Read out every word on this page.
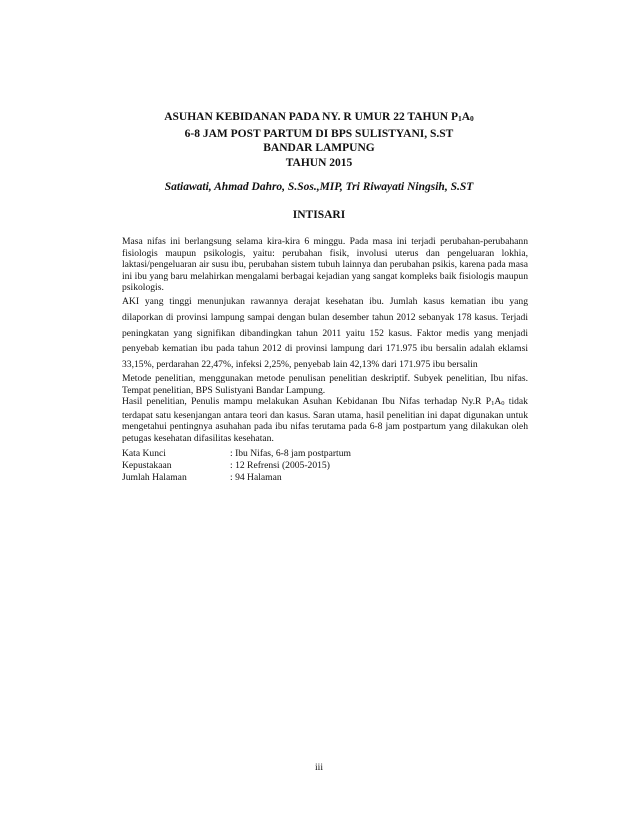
ASUHAN KEBIDANAN PADA NY. R UMUR 22 TAHUN $P_1A_0$
6-8 JAM POST PARTUM DI BPS SULISTYANI, S.ST
BANDAR LAMPUNG
TAHUN 2015
Satiawati, Ahmad Dahro, S.Sos.,MIP, Tri Riwayati Ningsih, S.ST
INTISARI

Masa nifas ini berlangsung selama kira-kira 6 minggu. Pada masa ini terjadi perubahan-perubahann fisiologis maupun psikologis, yaitu: perubahan fisik, involusi uterus dan pengeluaran lokhia, laktasi/pengeluaran air susu ibu, perubahan sistem tubuh lainnya dan perubahan psikis, karena pada masa ini ibu yang baru melahirkan mengalami berbagai kejadian yang sangat kompleks baik fisiologis maupun psikologis.

AKI yang tinggi menunjukan rawannya derajat kesehatan ibu. Jumlah kasus kematian ibu yang dilaporkan di provinsi lampung sampai dengan bulan desember tahun 2012 sebanyak 178 kasus. Terjadi peningkatan yang signifikan dibandingkan tahun 2011 yaitu 152 kasus. Faktor medis yang menjadi penyebab kematian ibu pada tahun 2012 di provinsi lampung dari 171.975 ibu bersalin adalah eklamsi 33,15%, perdarahan 22,47%, infeksi 2,25%, penyebab lain 42,13% dari 171.975 ibu bersalin

Metode penelitian, menggunakan metode penulisan penelitian deskriptif. Subyek penelitian, Ibu nifas. Tempat penelitian, BPS Sulistyani Bandar Lampung.

Hasil penelitian, Penulis mampu melakukan Asuhan Kebidanan Ibu Nifas terhadap Ny.R $P_1A_0$ tidak terdapat satu kesenjangan antara teori dan kasus. Saran utama, hasil penelitian ini dapat digunakan untuk mengetahui pentingnya asuhahan pada ibu nifas terutama pada 6-8 jam postpartum yang dilakukan oleh petugas kesehatan difasilitas kesehatan.

Kata Kunci	: Ibu Nifas, 6-8 jam postpartum
Kepustakaan	: 12 Refrensi (2005-2015)
Jumlah Halaman	: 94 Halaman
iii
